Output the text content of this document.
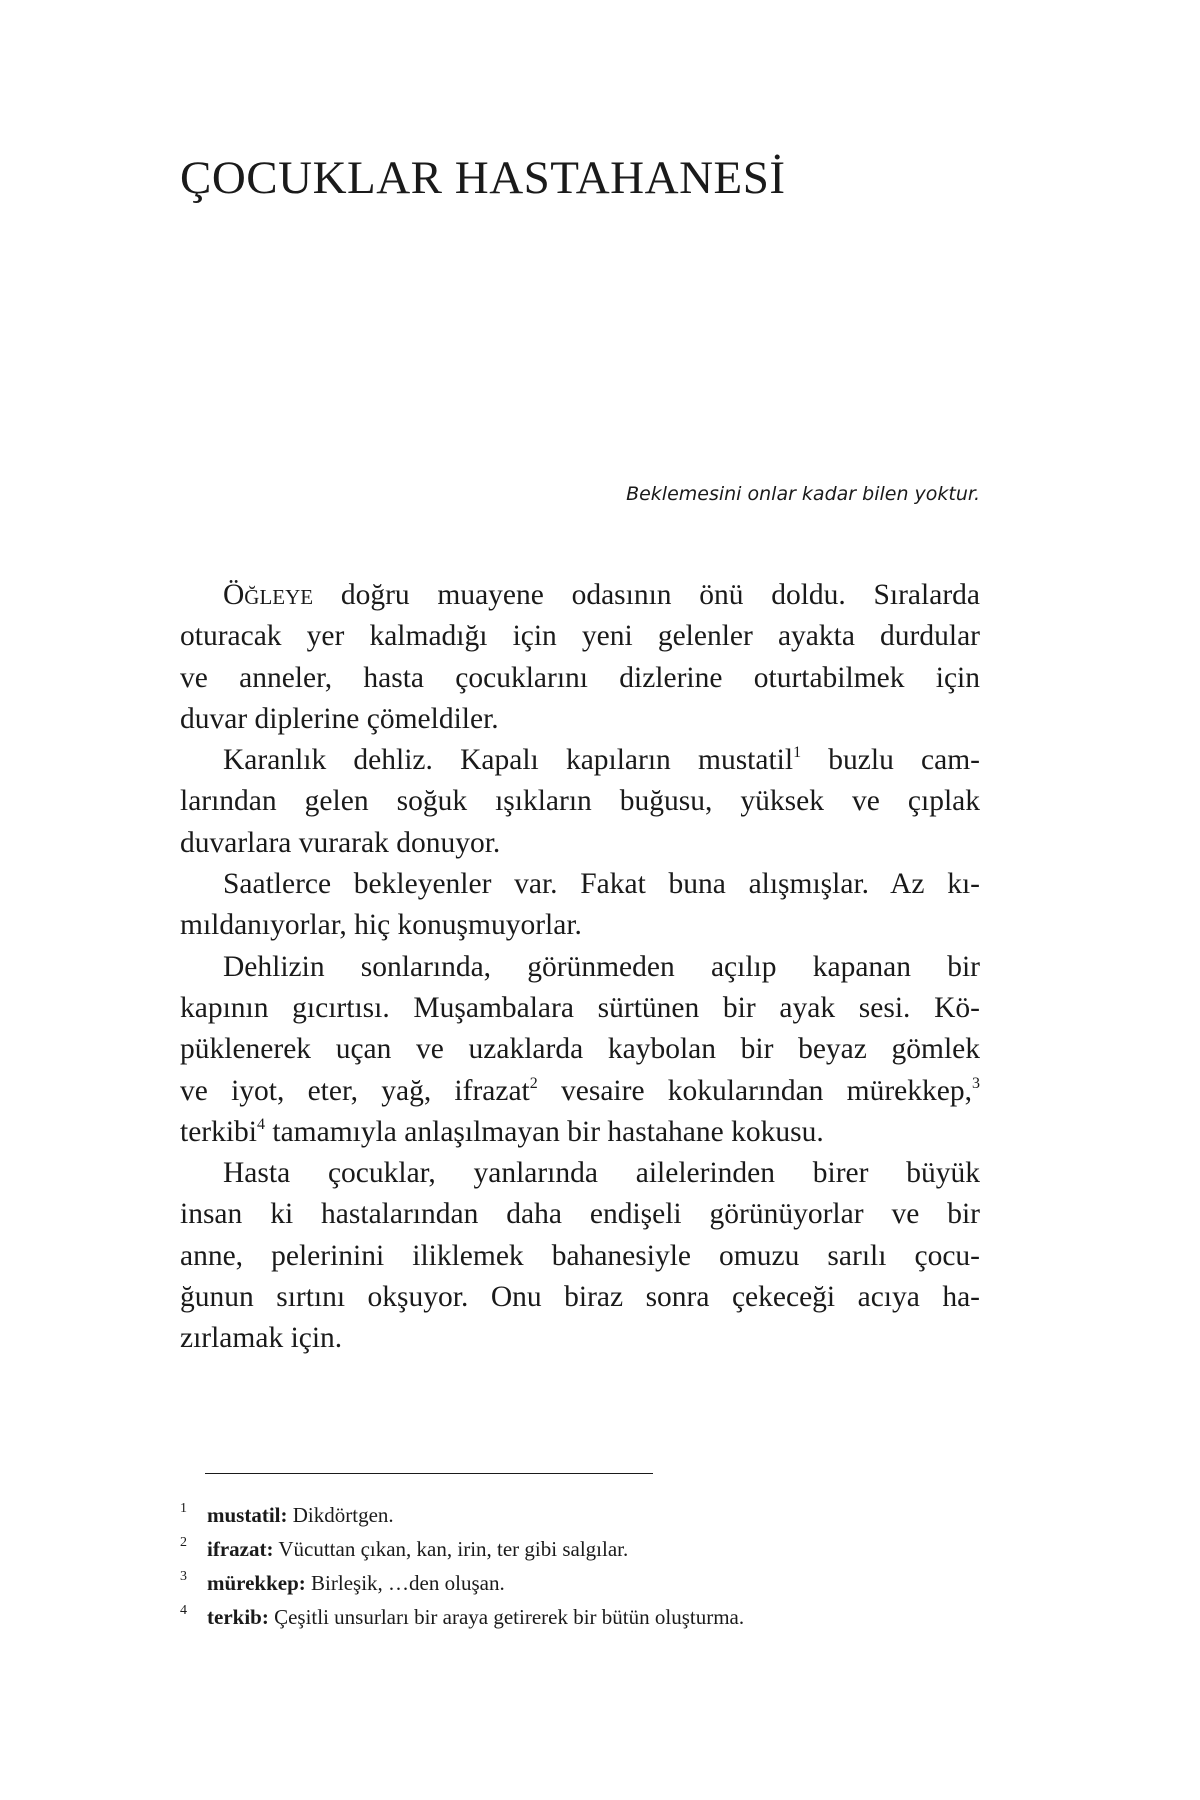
ÇOCUKLAR HASTAHANESİ
Beklemesini onlar kadar bilen yoktur.
Öğleye doğru muayene odasının önü doldu. Sıralarda
oturacak yer kalmadığı için yeni gelenler ayakta durdular
ve anneler, hasta çocuklarını dizlerine oturtabilmek için
duvar diplerine çömeldiler.
Karanlık dehliz. Kapalı kapıların mustatil$^1$ buzlu cam-
larından gelen soğuk ışıkların buğusu, yüksek ve çıplak
duvarlara vurarak donuyor.
Saatlerce bekleyenler var. Fakat buna alışmışlar. Az kı-
mıldanıyorlar, hiç konuşmuyorlar.
Dehlizin sonlarında, görünmeden açılıp kapanan bir
kapının gıcırtısı. Muşambalara sürtünen bir ayak sesi. Kö-
püklenerek uçan ve uzaklarda kaybolan bir beyaz gömlek
ve iyot, eter, yağ, ifrazat$^2$ vesaire kokularından mürekkep,$^3$
terkibi$^4$ tamamıyla anlaşılmayan bir hastahane kokusu.
Hasta çocuklar, yanlarında ailelerinden birer büyük
insan ki hastalarından daha endişeli görünüyorlar ve bir
anne, pelerinini iliklemek bahanesiyle omuzu sarılı çocu-
ğunun sırtını okşuyor. Onu biraz sonra çekeceği acıya ha-
zırlamak için.
1 mustatil: Dikdörtgen.
2 ifrazat: Vücuttan çıkan, kan, irin, ter gibi salgılar.
3 mürekkep: Birleşik, …den oluşan.
4 terkib: Çeşitli unsurları bir araya getirerek bir bütün oluşturma.
